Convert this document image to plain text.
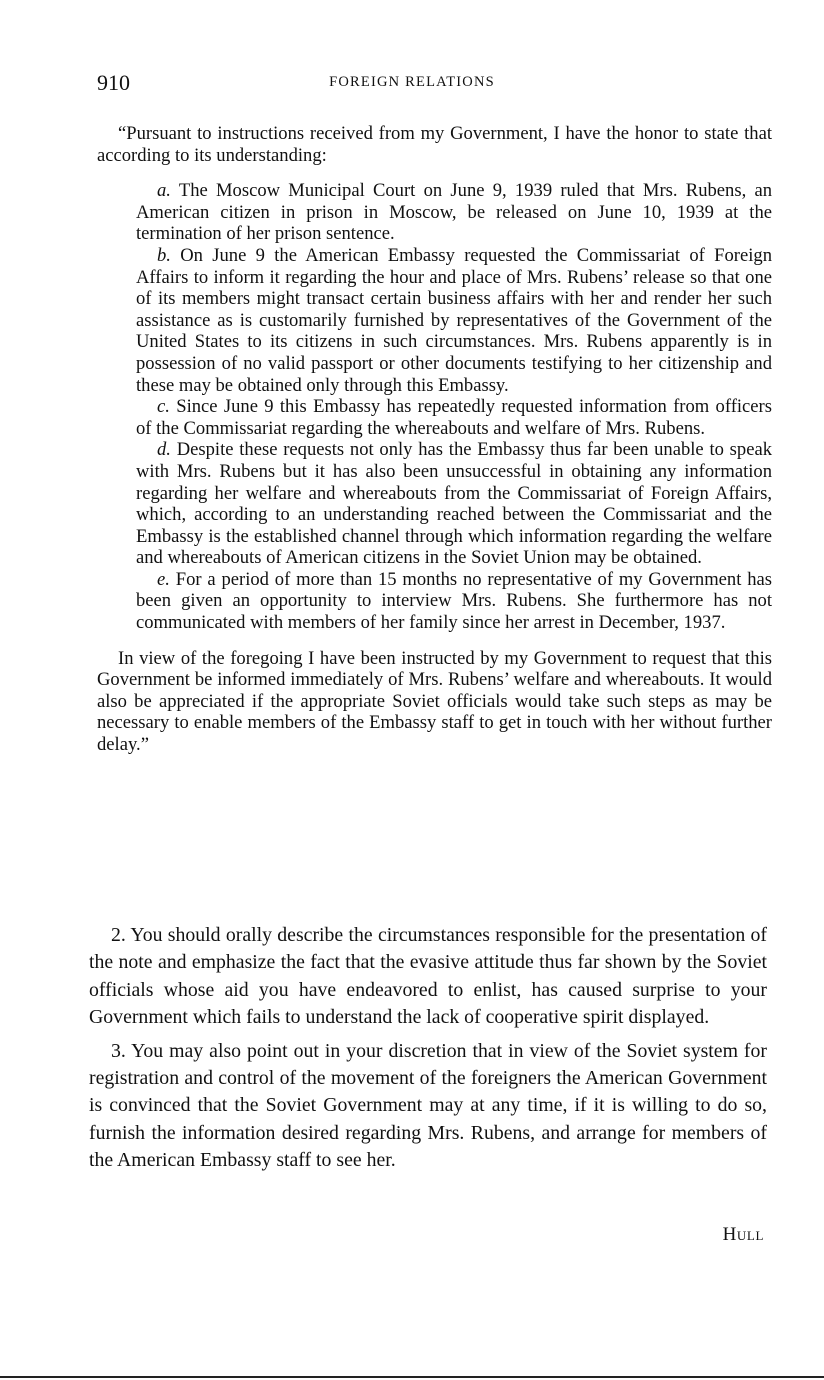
910	FOREIGN RELATIONS

“Pursuant to instructions received from my Government, I have the honor to state that according to its understanding:

a. The Moscow Municipal Court on June 9, 1939 ruled that Mrs. Rubens, an American citizen in prison in Moscow, be released on June 10, 1939 at the termination of her prison sentence.

b. On June 9 the American Embassy requested the Commissariat of Foreign Affairs to inform it regarding the hour and place of Mrs. Rubens’ release so that one of its members might transact certain business affairs with her and render her such assistance as is customarily furnished by representatives of the Government of the United States to its citizens in such circumstances. Mrs. Rubens apparently is in possession of no valid passport or other documents testifying to her citizenship and these may be obtained only through this Embassy.

c. Since June 9 this Embassy has repeatedly requested information from officers of the Commissariat regarding the whereabouts and welfare of Mrs. Rubens.

d. Despite these requests not only has the Embassy thus far been unable to speak with Mrs. Rubens but it has also been unsuccessful in obtaining any information regarding her welfare and whereabouts from the Commissariat of Foreign Affairs, which, according to an understanding reached between the Commissariat and the Embassy is the established channel through which information regarding the welfare and whereabouts of American citizens in the Soviet Union may be obtained.

e. For a period of more than 15 months no representative of my Government has been given an opportunity to interview Mrs. Rubens. She furthermore has not communicated with members of her family since her arrest in December, 1937.

In view of the foregoing I have been instructed by my Government to request that this Government be informed immediately of Mrs. Rubens’ welfare and whereabouts. It would also be appreciated if the appropriate Soviet officials would take such steps as may be necessary to enable members of the Embassy staff to get in touch with her without further delay.”

2. You should orally describe the circumstances responsible for the presentation of the note and emphasize the fact that the evasive attitude thus far shown by the Soviet officials whose aid you have endeavored to enlist, has caused surprise to your Government which fails to understand the lack of cooperative spirit displayed.

3. You may also point out in your discretion that in view of the Soviet system for registration and control of the movement of the foreigners the American Government is convinced that the Soviet Government may at any time, if it is willing to do so, furnish the information desired regarding Mrs. Rubens, and arrange for members of the American Embassy staff to see her.

Hull
